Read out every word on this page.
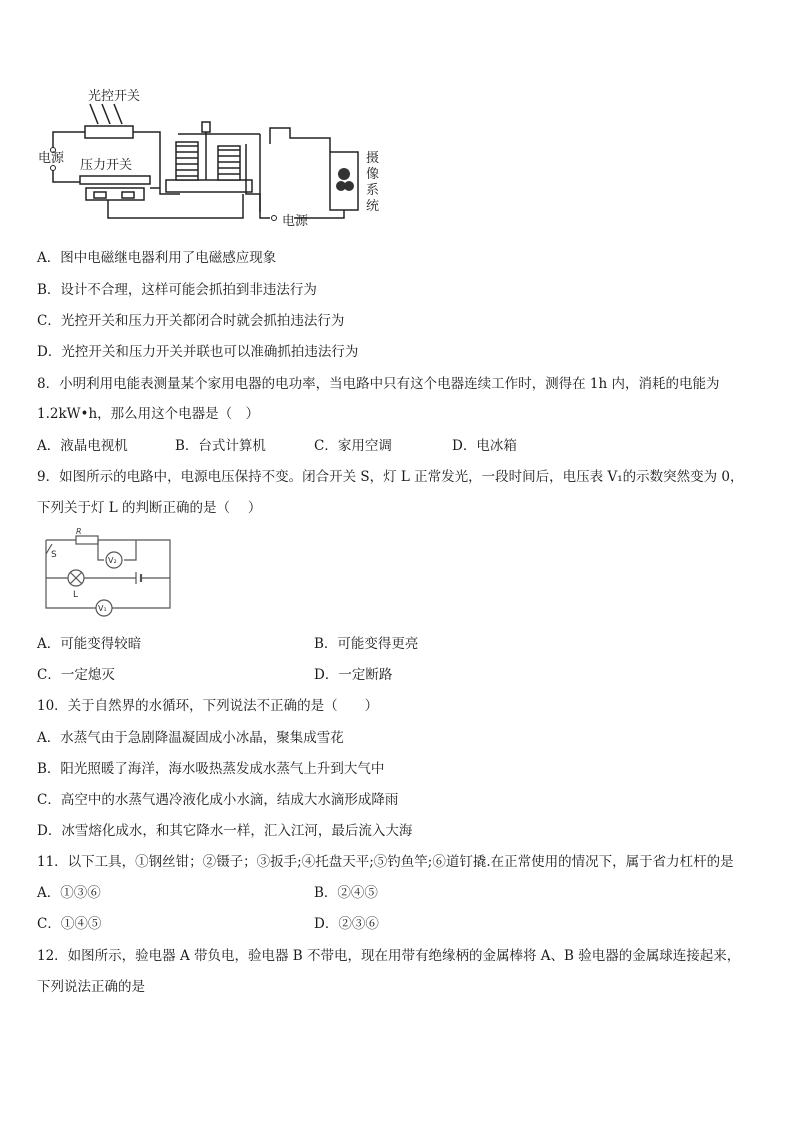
光控开关
压力开关
电源
电源
摄
像
系
统
A．图中电磁继电器利用了电磁感应现象
B．设计不合理，这样可能会抓拍到非违法行为
C．光控开关和压力开关都闭合时就会抓拍违法行为
D．光控开关和压力开关并联也可以准确抓拍违法行为
8．小明利用电能表测量某个家用电器的电功率，当电路中只有这个电器连续工作时，测得在 1h 内，消耗的电能为
1.2kW•h，那么用这个电器是（　）
A．液晶电视机	B．台式计算机	C．家用空调	D．电冰箱
9．如图所示的电路中，电源电压保持不变。闭合开关 S，灯 L 正常发光，一段时间后，电压表 V₁的示数突然变为 0，
下列关于灯 L 的判断正确的是（　 ）
S
R
V₂
L
V₁
A．可能变得较暗	B．可能变得更亮
C．一定熄灭	D．一定断路
10．关于自然界的水循环，下列说法不正确的是（　　）
A．水蒸气由于急剧降温凝固成小冰晶，聚集成雪花
B．阳光照暖了海洋，海水吸热蒸发成水蒸气上升到大气中
C．高空中的水蒸气遇冷液化成小水滴，结成大水滴形成降雨
D．冰雪熔化成水，和其它降水一样，汇入江河，最后流入大海
11．以下工具，①钢丝钳；②镊子；③扳手;④托盘天平;⑤钓鱼竿;⑥道钉撬.在正常使用的情况下，属于省力杠杆的是
A．①③⑥	B．②④⑤
C．①④⑤	D．②③⑥
12．如图所示，验电器 A 带负电，验电器 B 不带电，现在用带有绝缘柄的金属棒将 A、B 验电器的金属球连接起来，
下列说法正确的是
